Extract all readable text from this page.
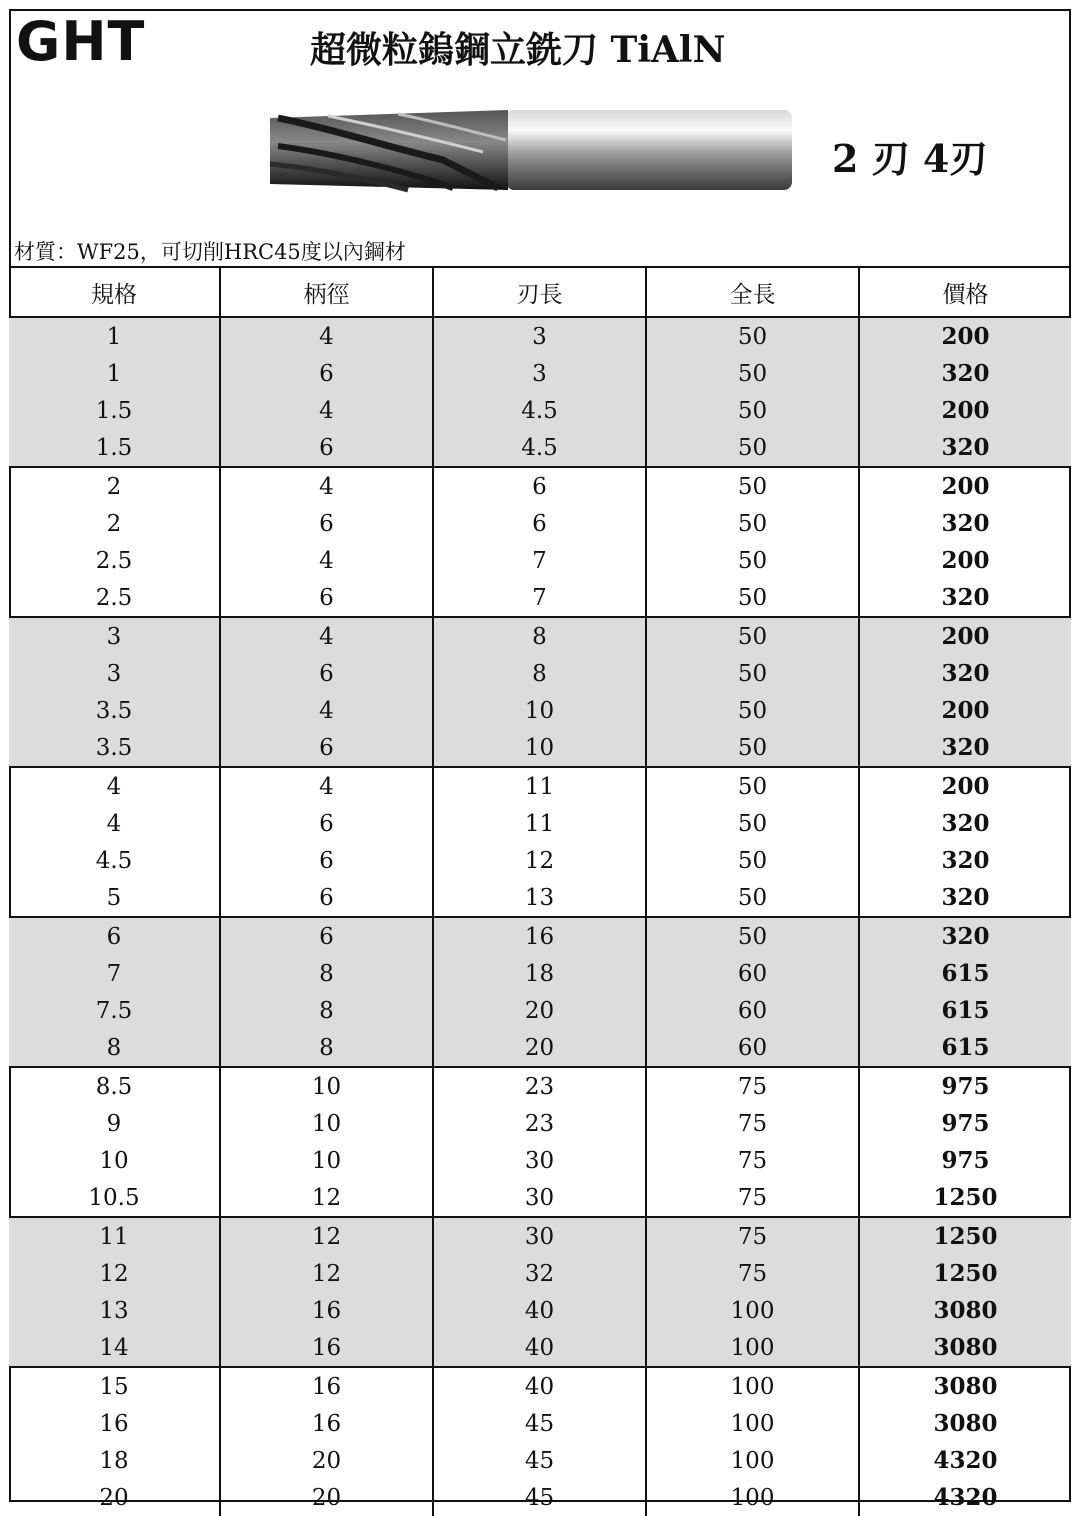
GHT	超微粒鎢鋼立銑刀 TiAlN
2 刃 4刃
材質：WF25，可切削HRC45度以內鋼材
規格	柄徑	刃長	全長	價格
1	4	3	50	200
1	6	3	50	320
1.5	4	4.5	50	200
1.5	6	4.5	50	320
2	4	6	50	200
2	6	6	50	320
2.5	4	7	50	200
2.5	6	7	50	320
3	4	8	50	200
3	6	8	50	320
3.5	4	10	50	200
3.5	6	10	50	320
4	4	11	50	200
4	6	11	50	320
4.5	6	12	50	320
5	6	13	50	320
6	6	16	50	320
7	8	18	60	615
7.5	8	20	60	615
8	8	20	60	615
8.5	10	23	75	975
9	10	23	75	975
10	10	30	75	975
10.5	12	30	75	1250
11	12	30	75	1250
12	12	32	75	1250
13	16	40	100	3080
14	16	40	100	3080
15	16	40	100	3080
16	16	45	100	3080
18	20	45	100	4320
20	20	45	100	4320
